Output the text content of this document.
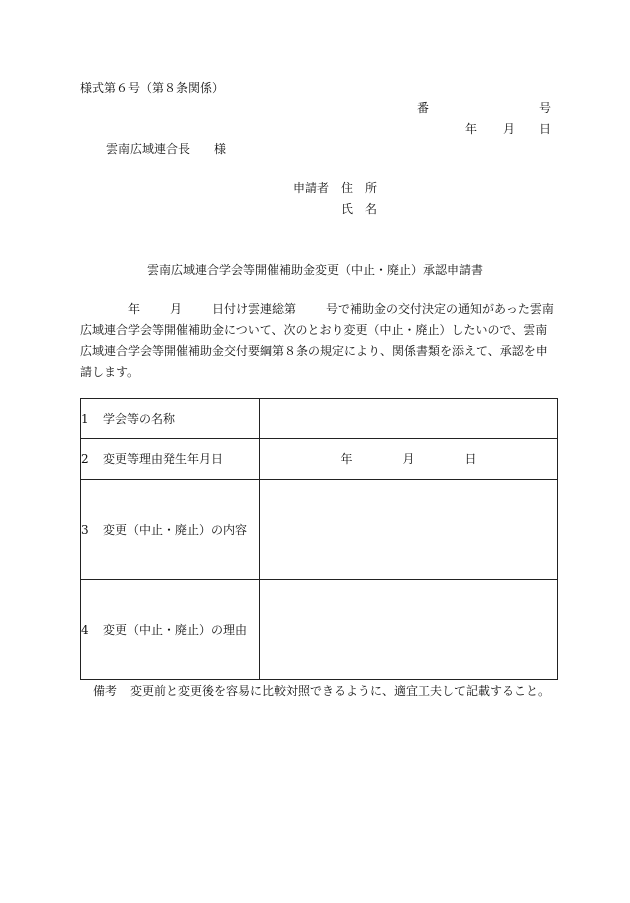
様式第６号（第８条関係）
番	号
年 月 日
雲南広域連合長 様
申請者 住　所
氏　名
雲南広域連合学会等開催補助金変更（中止・廃止）承認申請書

年	月	日付け雲連総第	号で補助金の交付決定の通知があった雲南

広域連合学会等開催補助金について、次のとおり変更（中止・廃止）したいので、雲南

広域連合学会等開催補助金交付要綱第８条の規定により、関係書類を添えて、承認を申

請します。

1 学会等の名称	
2 変更等理由発生年月日	年 月 日
3 変更（中止・廃止）の内容	
4 変更（中止・廃止）の理由	
備考 変更前と変更後を容易に比較対照できるように、適宜工夫して記載すること。
